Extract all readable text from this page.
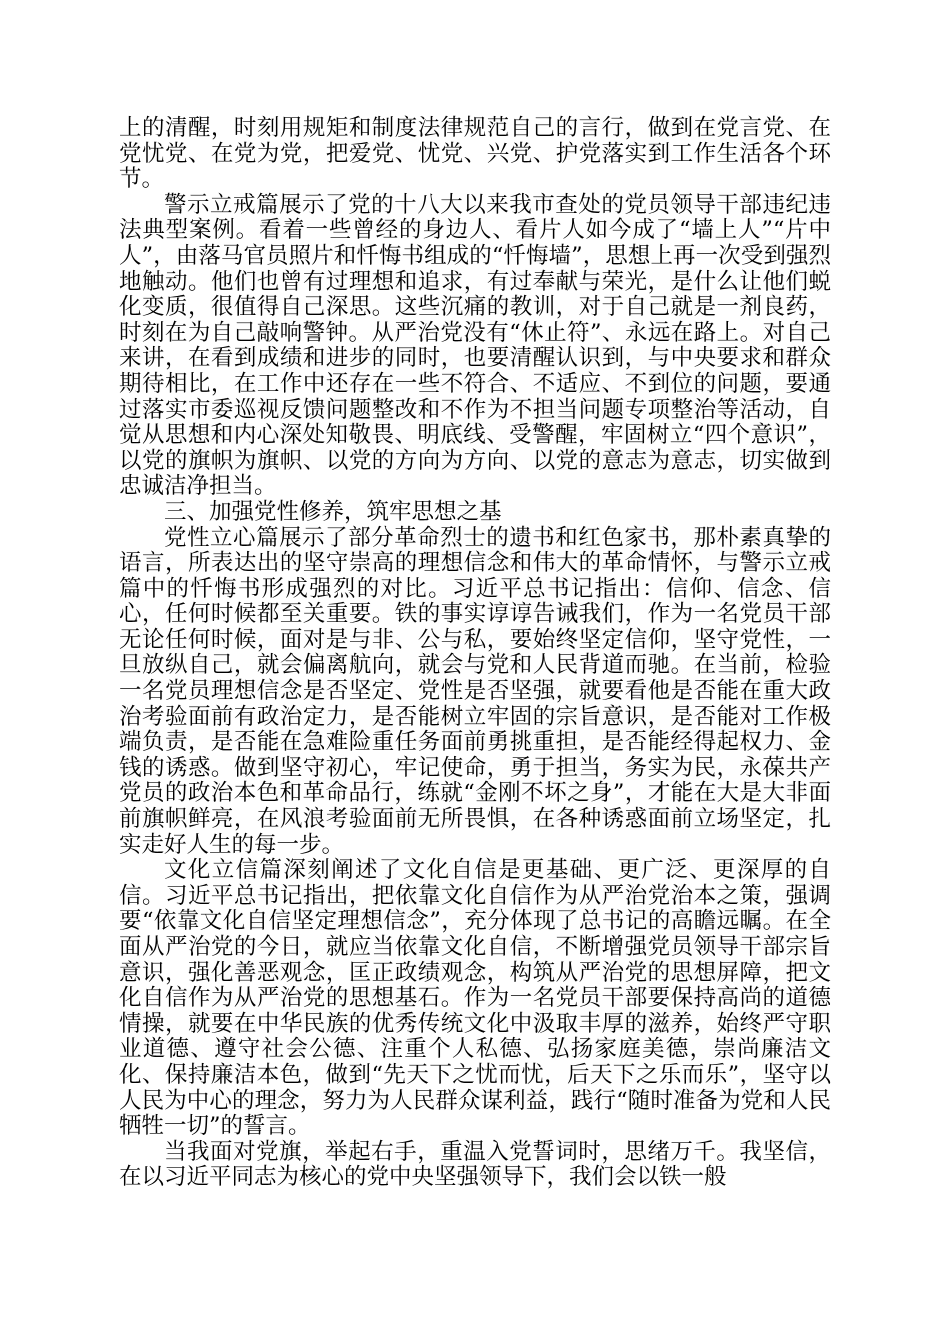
上的清醒，时刻用规矩和制度法律规范自己的言行，做到在党言党、在党忧党、在党为党，把爱党、忧党、兴党、护党落实到工作生活各个环节。

警示立戒篇展示了党的十八大以来我市查处的党员领导干部违纪违法典型案例。看着一些曾经的身边人、看片人如今成了“墙上人”“片中人”，由落马官员照片和忏悔书组成的“忏悔墙”，思想上再一次受到强烈地触动。他们也曾有过理想和追求，有过奉献与荣光，是什么让他们蜕化变质，很值得自己深思。这些沉痛的教训，对于自己就是一剂良药，时刻在为自己敲响警钟。从严治党没有“休止符”、永远在路上。对自己来讲，在看到成绩和进步的同时，也要清醒认识到，与中央要求和群众期待相比，在工作中还存在一些不符合、不适应、不到位的问题，要通过落实市委巡视反馈问题整改和不作为不担当问题专项整治等活动，自觉从思想和内心深处知敬畏、明底线、受警醒，牢固树立“四个意识”，以党的旗帜为旗帜、以党的方向为方向、以党的意志为意志，切实做到忠诚洁净担当。

三、加强党性修养，筑牢思想之基

党性立心篇展示了部分革命烈士的遗书和红色家书，那朴素真挚的语言，所表达出的坚守崇高的理想信念和伟大的革命情怀，与警示立戒篇中的忏悔书形成强烈的对比。习近平总书记指出：信仰、信念、信心，任何时候都至关重要。铁的事实谆谆告诫我们，作为一名党员干部无论任何时候，面对是与非、公与私，要始终坚定信仰，坚守党性，一旦放纵自己，就会偏离航向，就会与党和人民背道而驰。在当前，检验一名党员理想信念是否坚定、党性是否坚强，就要看他是否能在重大政治考验面前有政治定力，是否能树立牢固的宗旨意识，是否能对工作极端负责，是否能在急难险重任务面前勇挑重担，是否能经得起权力、金钱的诱惑。做到坚守初心，牢记使命，勇于担当，务实为民，永葆共产党员的政治本色和革命品行，练就“金刚不坏之身”，才能在大是大非面前旗帜鲜亮，在风浪考验面前无所畏惧，在各种诱惑面前立场坚定，扎实走好人生的每一步。

文化立信篇深刻阐述了文化自信是更基础、更广泛、更深厚的自信。习近平总书记指出，把依靠文化自信作为从严治党治本之策，强调要“依靠文化自信坚定理想信念”，充分体现了总书记的高瞻远瞩。在全面从严治党的今日，就应当依靠文化自信，不断增强党员领导干部宗旨意识，强化善恶观念，匡正政绩观念，构筑从严治党的思想屏障，把文化自信作为从严治党的思想基石。作为一名党员干部要保持高尚的道德情操，就要在中华民族的优秀传统文化中汲取丰厚的滋养，始终严守职业道德、遵守社会公德、注重个人私德、弘扬家庭美德，崇尚廉洁文化、保持廉洁本色，做到“先天下之忧而忧，后天下之乐而乐”，坚守以人民为中心的理念，努力为人民群众谋利益，践行“随时准备为党和人民牺牲一切”的誓言。

当我面对党旗，举起右手，重温入党誓词时，思绪万千。我坚信，在以习近平同志为核心的党中央坚强领导下，我们会以铁一般
